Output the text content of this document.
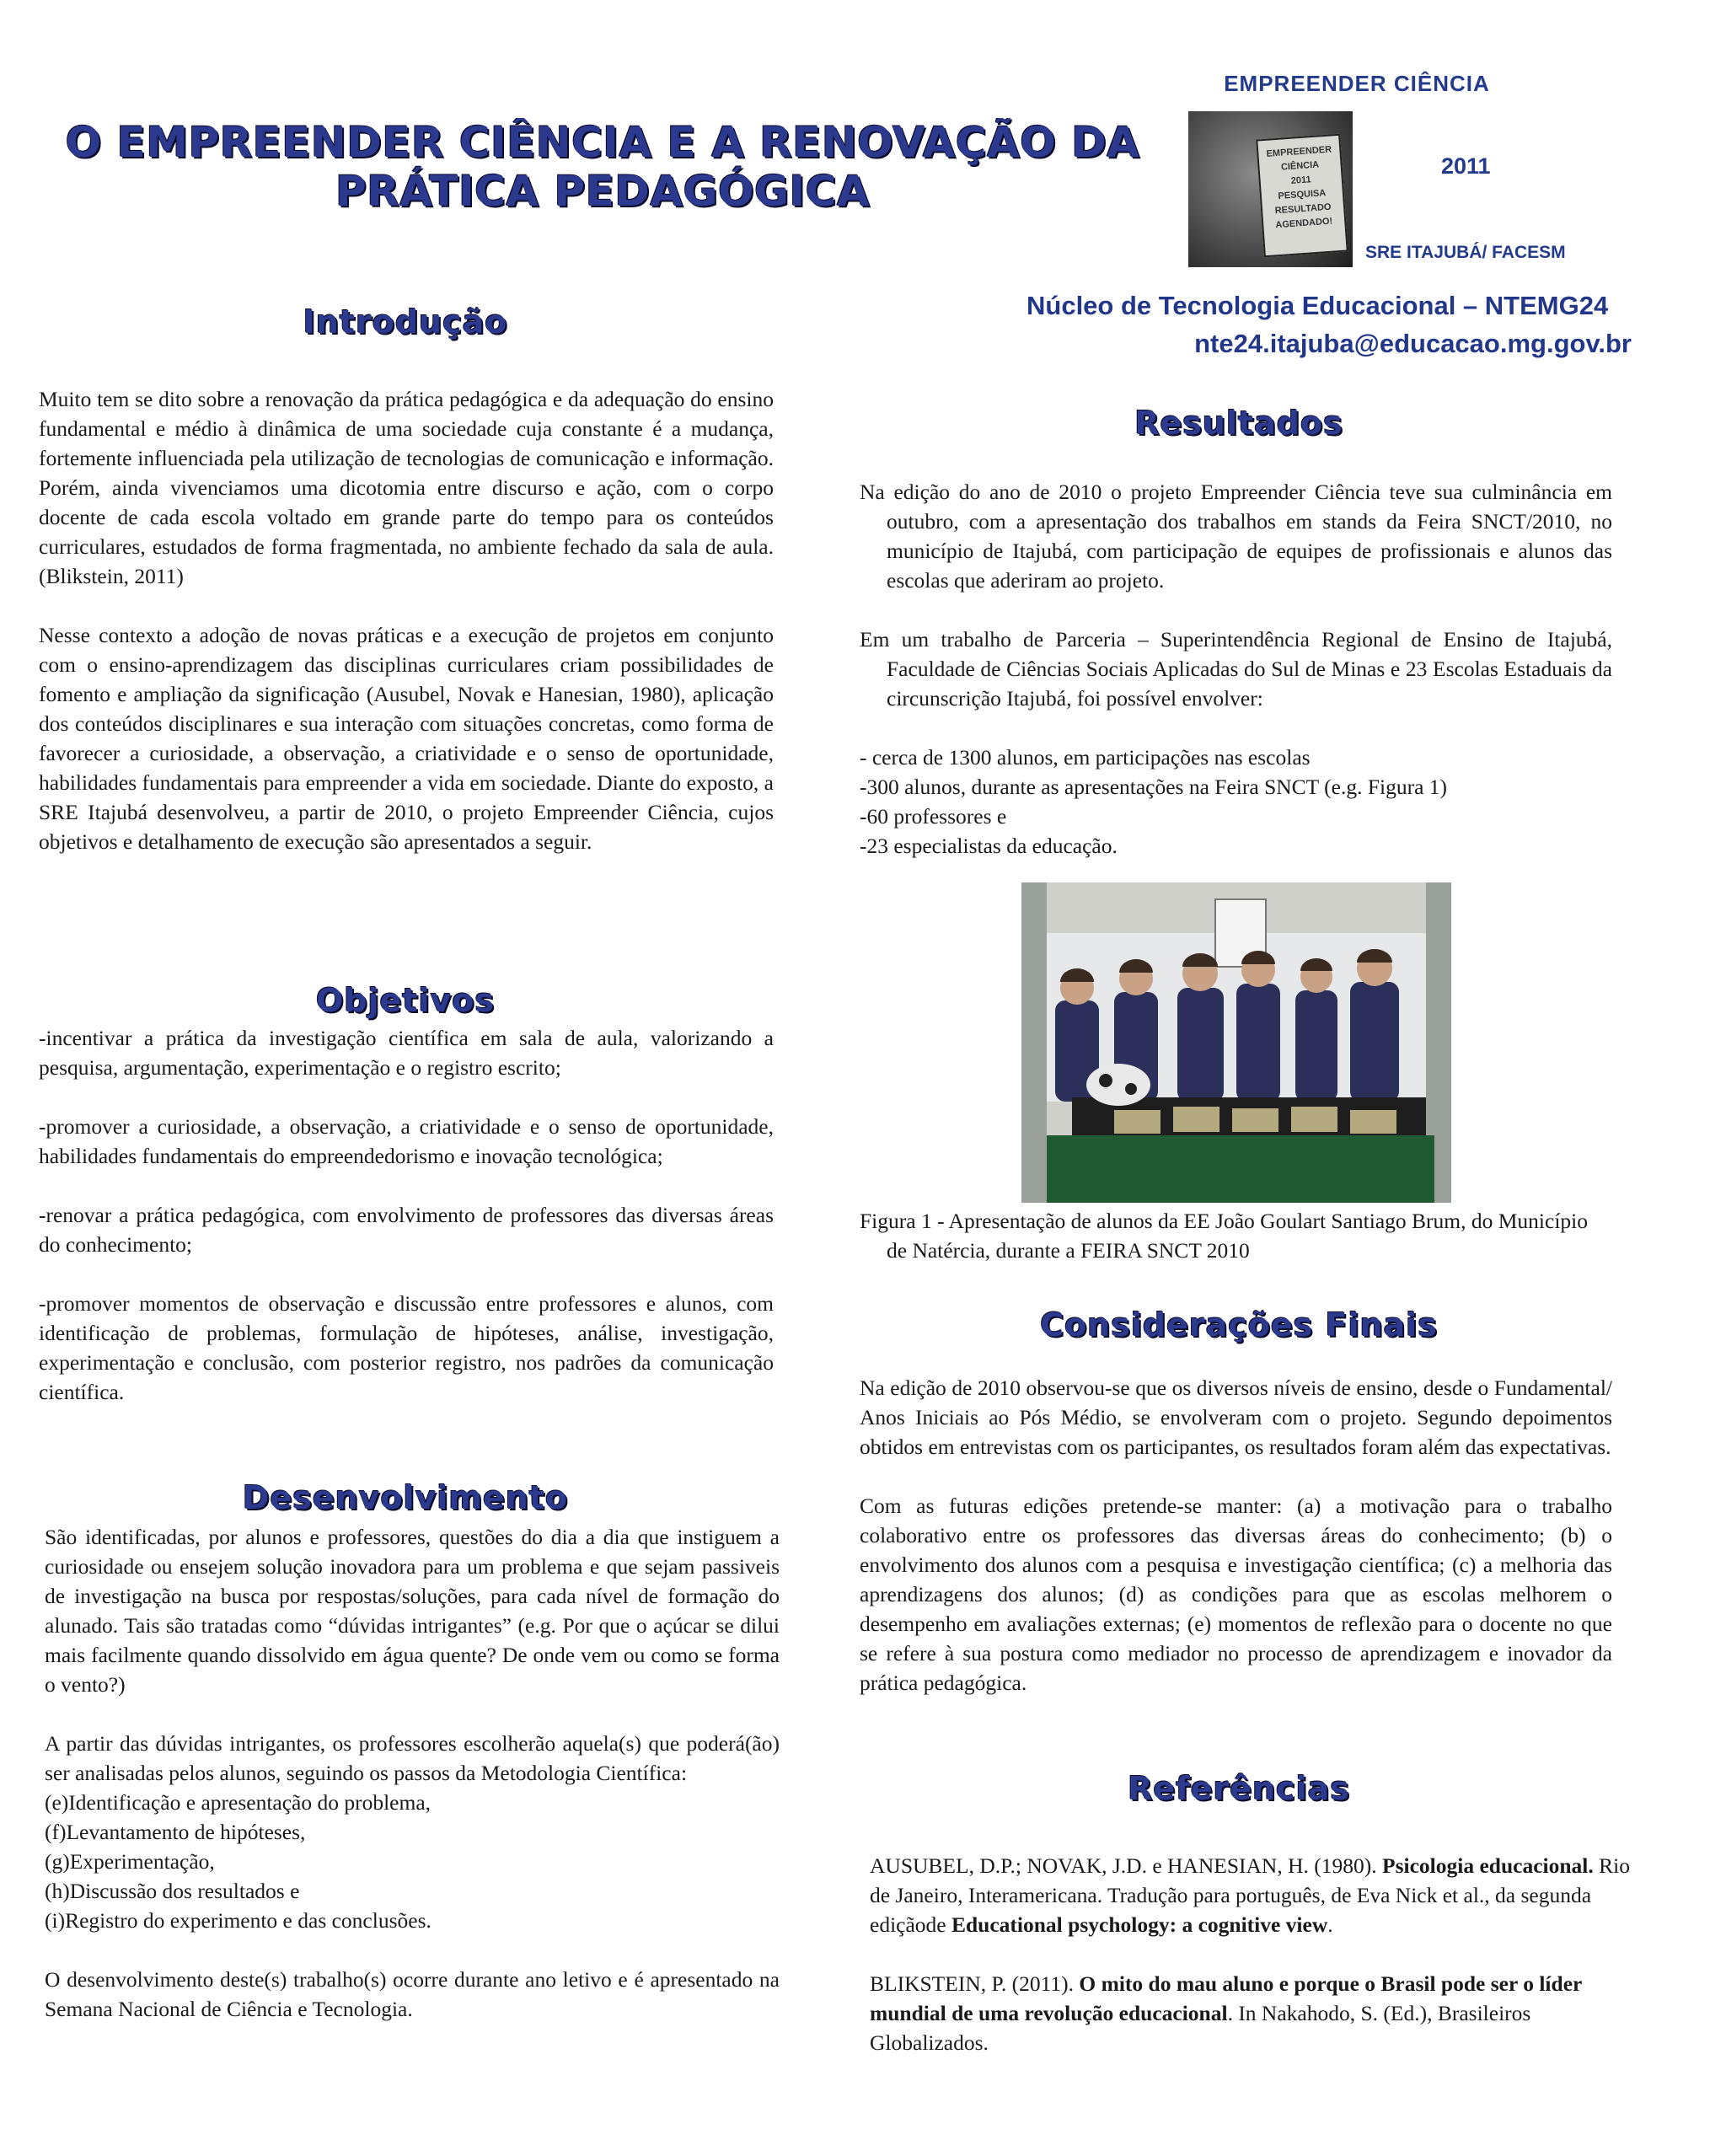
O EMPREENDER CIÊNCIA E A RENOVAÇÃO DA
PRÁTICA PEDAGÓGICA
EMPREENDER CIÊNCIA
EMPREENDER
CIÊNCIA
2011
PESQUISA
RESULTADO
AGENDADO!
2011
SRE ITAJUBÁ/ FACESM
Núcleo de Tecnologia Educacional – NTEMG24
nte24.itajuba@educacao.mg.gov.br
Introdução

Muito tem se dito sobre a renovação da prática pedagógica e da adequação do ensino fundamental e médio à dinâmica de uma sociedade cuja constante é a mudança, fortemente influenciada pela utilização de tecnologias de comunicação e informação. Porém, ainda vivenciamos uma dicotomia entre discurso e ação, com o corpo docente de cada escola voltado em grande parte do tempo para os conteúdos curriculares, estudados de forma fragmentada, no ambiente fechado da sala de aula. (Blikstein, 2011)

Nesse contexto a adoção de novas práticas e a execução de projetos em conjunto com o ensino-aprendizagem das disciplinas curriculares criam possibilidades de fomento e ampliação da significação (Ausubel, Novak e Hanesian, 1980), aplicação dos conteúdos disciplinares e sua interação com situações concretas, como forma de favorecer a curiosidade, a observação, a criatividade e o senso de oportunidade, habilidades fundamentais para empreender a vida em sociedade. Diante do exposto, a SRE Itajubá desenvolveu, a partir de 2010, o projeto Empreender Ciência, cujos objetivos e detalhamento de execução são apresentados a seguir.

Objetivos

-incentivar a prática da investigação científica em sala de aula, valorizando a pesquisa, argumentação, experimentação e o registro escrito;

-promover a curiosidade, a observação, a criatividade e o senso de oportunidade, habilidades fundamentais do empreendedorismo e inovação tecnológica;

-renovar a prática pedagógica, com envolvimento de professores das diversas áreas do conhecimento;

-promover momentos de observação e discussão entre professores e alunos, com identificação de problemas, formulação de hipóteses, análise, investigação, experimentação e conclusão, com posterior registro, nos padrões da comunicação científica.

Desenvolvimento

São identificadas, por alunos e professores, questões do dia a dia que instiguem a curiosidade ou ensejem solução inovadora para um problema e que sejam passiveis de investigação na busca por respostas/soluções, para cada nível de formação do alunado. Tais são tratadas como “dúvidas intrigantes” (e.g. Por que o açúcar se dilui mais facilmente quando dissolvido em água quente? De onde vem ou como se forma o vento?)

A partir das dúvidas intrigantes, os professores escolherão aquela(s) que poderá(ão) ser analisadas pelos alunos, seguindo os passos da Metodologia Científica:

(e)Identificação e apresentação do problema,
(f)Levantamento de hipóteses,
(g)Experimentação,
(h)Discussão dos resultados e
(i)Registro do experimento e das conclusões.

O desenvolvimento deste(s) trabalho(s) ocorre durante ano letivo e é apresentado na Semana Nacional de Ciência e Tecnologia.

Resultados

Na edição do ano de 2010 o projeto Empreender Ciência teve sua culminância em outubro, com a apresentação dos trabalhos em stands da Feira SNCT/2010, no município de Itajubá, com participação de equipes de profissionais e alunos das escolas que aderiram ao projeto.

Em um trabalho de Parceria – Superintendência Regional de Ensino de Itajubá, Faculdade de Ciências Sociais Aplicadas do Sul de Minas e 23 Escolas Estaduais da circunscrição Itajubá, foi possível envolver:

- cerca de 1300 alunos, em participações nas escolas
-300 alunos, durante as apresentações na Feira SNCT (e.g. Figura 1)
-60 professores e
-23 especialistas da educação.

Figura 1 - Apresentação de alunos da EE João Goulart Santiago Brum, do Município de Natércia, durante a FEIRA SNCT 2010

Considerações Finais

Na edição de 2010 observou-se que os diversos níveis de ensino, desde o Fundamental/ Anos Iniciais ao Pós Médio, se envolveram com o projeto. Segundo depoimentos obtidos em entrevistas com os participantes, os resultados foram além das expectativas.

Com as futuras edições pretende-se manter: (a) a motivação para o trabalho colaborativo entre os professores das diversas áreas do conhecimento; (b) o envolvimento dos alunos com a pesquisa e investigação científica; (c) a melhoria das aprendizagens dos alunos; (d) as condições para que as escolas melhorem o desempenho em avaliações externas; (e) momentos de reflexão para o docente no que se refere à sua postura como mediador no processo de aprendizagem e inovador da prática pedagógica.

Referências

AUSUBEL, D.P.; NOVAK, J.D. e HANESIAN, H. (1980). Psicologia educacional. Rio de Janeiro, Interamericana. Tradução para português, de Eva Nick et al., da segunda ediçãode Educational psychology: a cognitive view.

BLIKSTEIN, P. (2011). O mito do mau aluno e porque o Brasil pode ser o líder mundial de uma revolução educacional. In Nakahodo, S. (Ed.), Brasileiros Globalizados.
